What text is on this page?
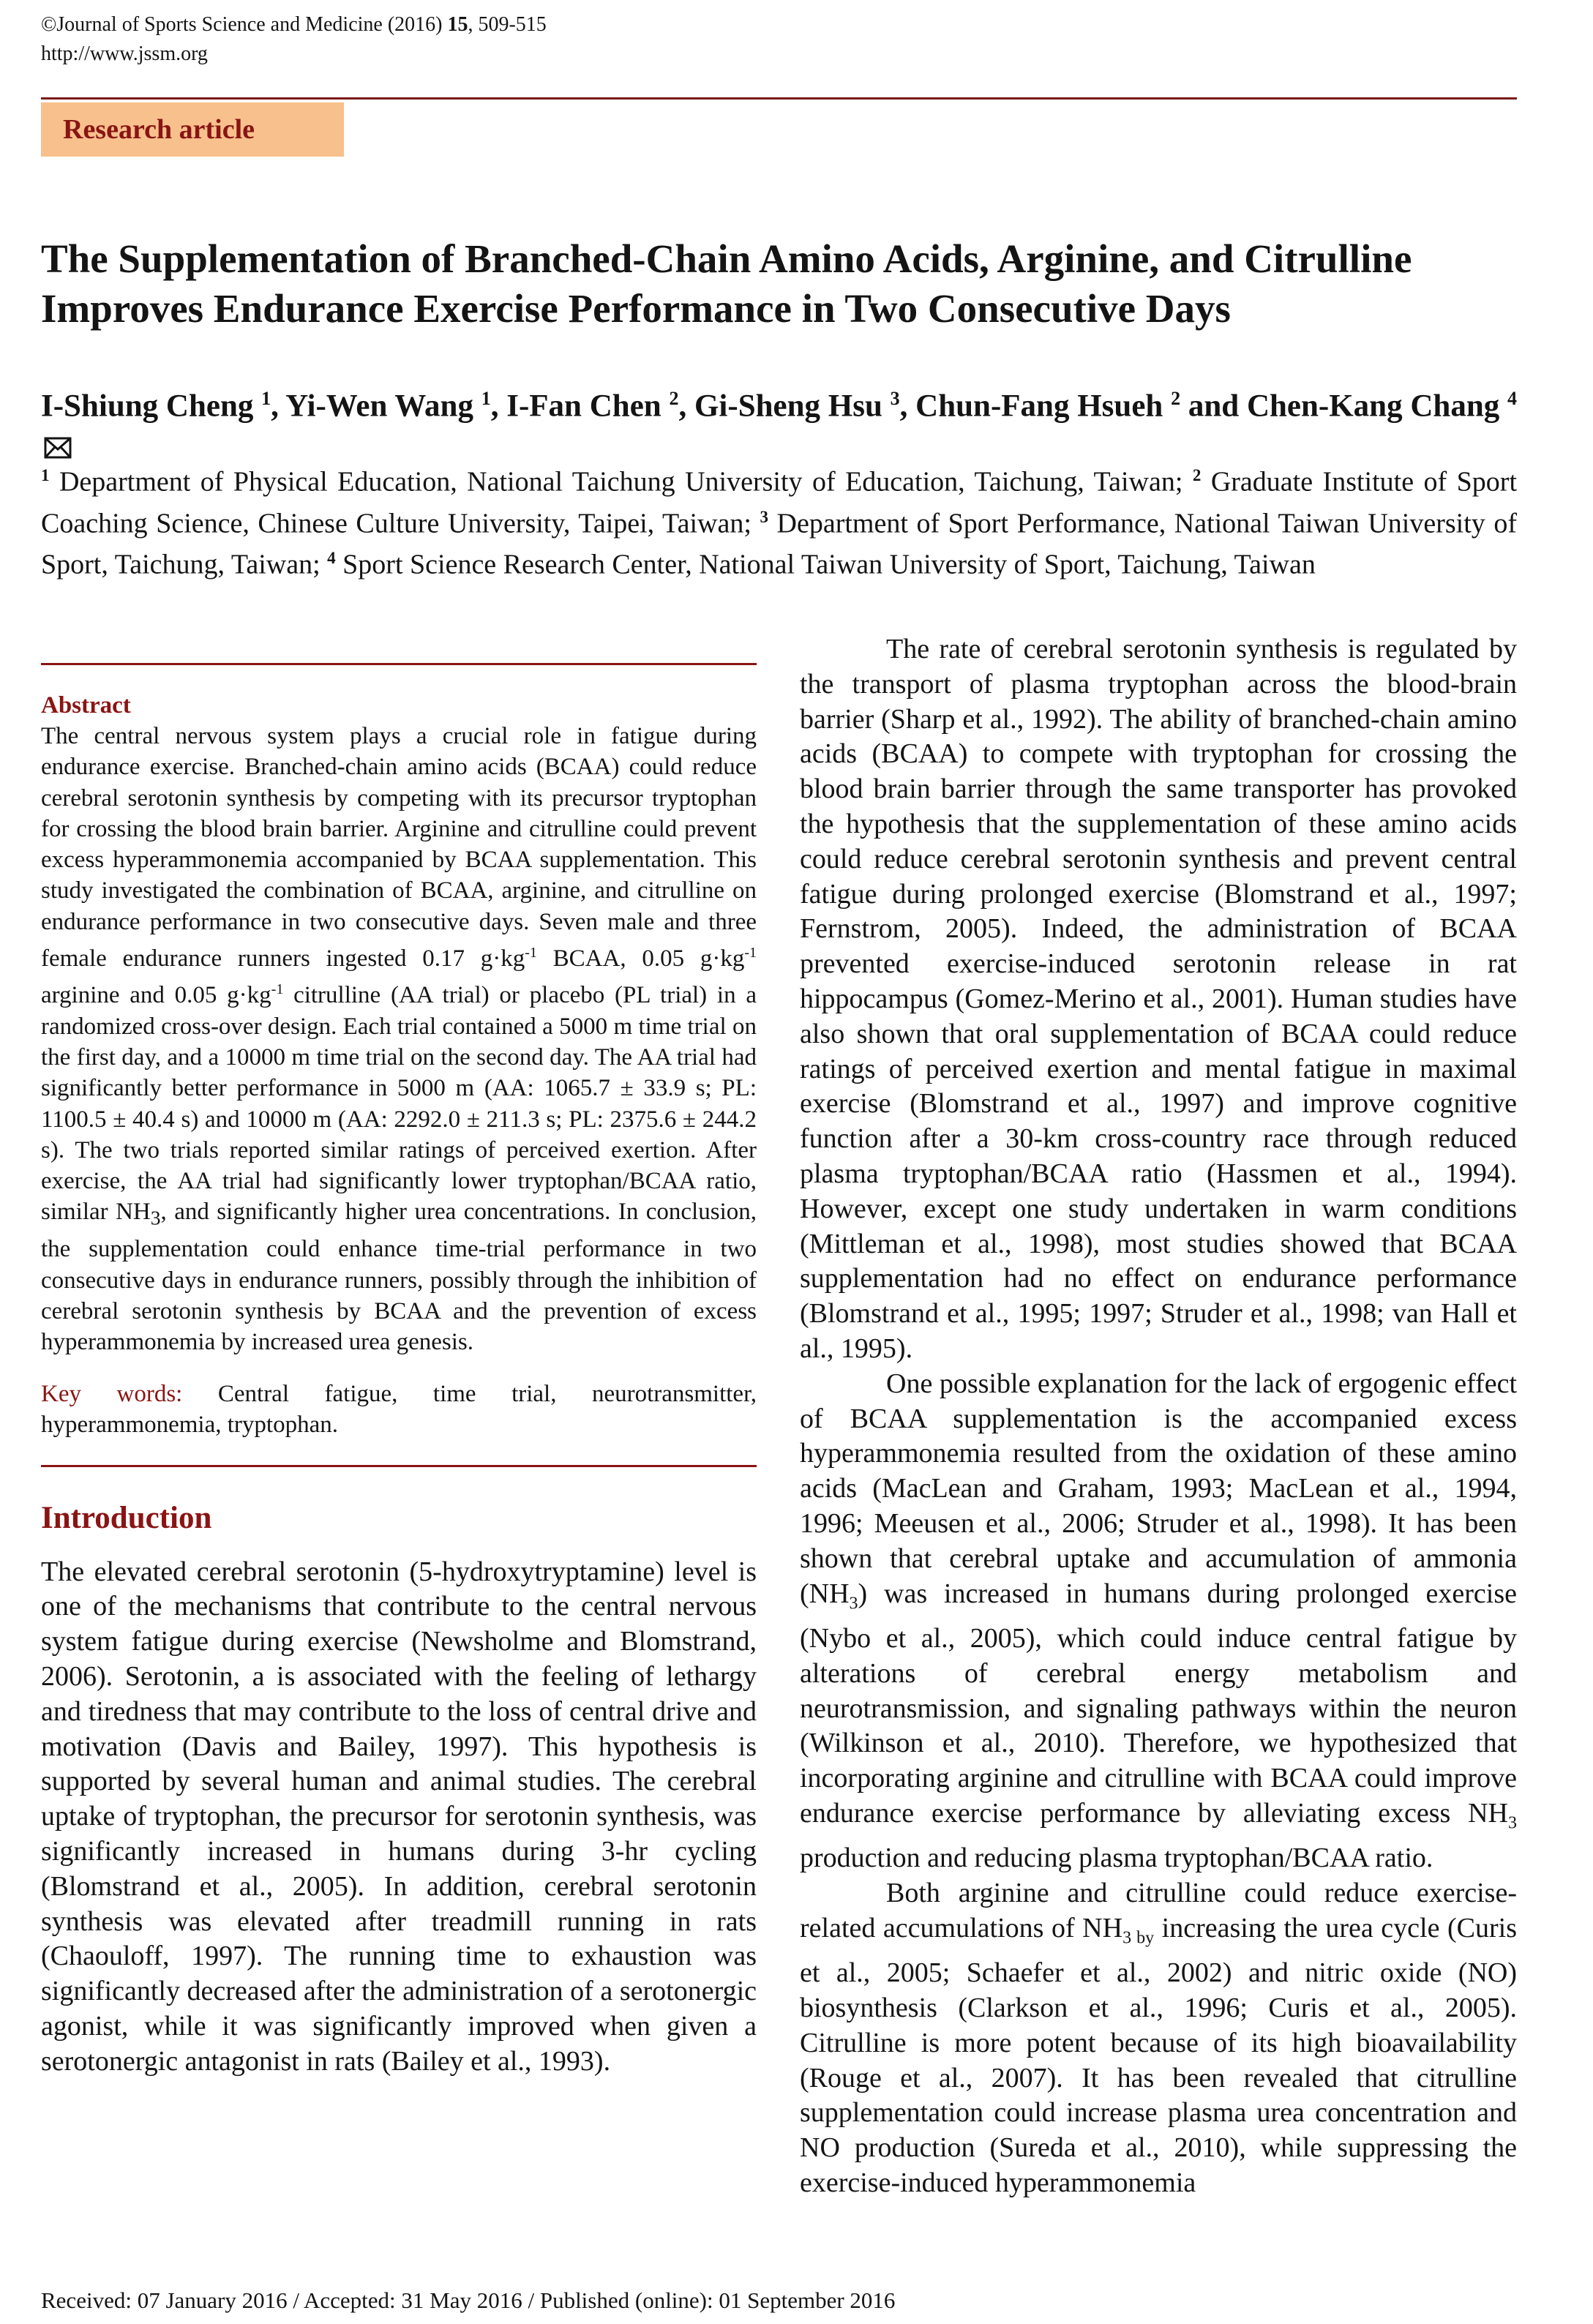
©Journal of Sports Science and Medicine (2016) 15, 509-515
http://www.jssm.org
Research article
The Supplementation of Branched-Chain Amino Acids, Arginine, and Citrulline
Improves Endurance Exercise Performance in Two Consecutive Days

I-Shiung Cheng $^1$, Yi-Wen Wang $^1$, I-Fan Chen $^2$, Gi-Sheng Hsu $^3$, Chun-Fang Hsueh $^2$ and Chen-Kang Chang $^4$

$^1$ Department of Physical Education, National Taichung University of Education, Taichung, Taiwan; $^2$ Graduate Institute of Sport Coaching Science, Chinese Culture University, Taipei, Taiwan; $^3$ Department of Sport Performance, National Taiwan University of Sport, Taichung, Taiwan; $^4$ Sport Science Research Center, National Taiwan University of Sport, Taichung, Taiwan

Abstract

The central nervous system plays a crucial role in fatigue during endurance exercise. Branched-chain amino acids (BCAA) could reduce cerebral serotonin synthesis by competing with its precursor tryptophan for crossing the blood brain barrier. Arginine and citrulline could prevent excess hyperammonemia accompanied by BCAA supplementation. This study investigated the combination of BCAA, arginine, and citrulline on endurance performance in two consecutive days. Seven male and three female endurance runners ingested 0.17 $g\cdot kg^{-1}$ BCAA, 0.05 $g\cdot kg^{-1}$ arginine and 0.05 $g\cdot kg^{-1}$ citrulline (AA trial) or placebo (PL trial) in a randomized cross-over design. Each trial contained a 5000 m time trial on the first day, and a 10000 m time trial on the second day. The AA trial had significantly better performance in 5000 m (AA: 1065.7 ± 33.9 s; PL: 1100.5 ± 40.4 s) and 10000 m (AA: 2292.0 ± 211.3 s; PL: 2375.6 ± 244.2 s). The two trials reported similar ratings of perceived exertion. After exercise, the AA trial had significantly lower tryptophan/BCAA ratio, similar $NH_3$, and significantly higher urea concentrations. In conclusion, the supplementation could enhance time-trial performance in two consecutive days in endurance runners, possibly through the inhibition of cerebral serotonin synthesis by BCAA and the prevention of excess hyperammonemia by increased urea genesis.

Key words: Central fatigue, time trial, neurotransmitter, hyperammonemia, tryptophan.

Introduction

The elevated cerebral serotonin (5-hydroxytryptamine) level is one of the mechanisms that contribute to the central nervous system fatigue during exercise (Newsholme and Blomstrand, 2006). Serotonin, a is associated with the feeling of lethargy and tiredness that may contribute to the loss of central drive and motivation (Davis and Bailey, 1997). This hypothesis is supported by several human and animal studies. The cerebral uptake of tryptophan, the precursor for serotonin synthesis, was significantly increased in humans during 3-hr cycling (Blomstrand et al., 2005). In addition, cerebral serotonin synthesis was elevated after treadmill running in rats (Chaouloff, 1997). The running time to exhaustion was significantly decreased after the administration of a serotonergic agonist, while it was significantly improved when given a serotonergic antagonist in rats (Bailey et al., 1993).

The rate of cerebral serotonin synthesis is regulated by the transport of plasma tryptophan across the blood-brain barrier (Sharp et al., 1992). The ability of branched-chain amino acids (BCAA) to compete with tryptophan for crossing the blood brain barrier through the same transporter has provoked the hypothesis that the supplementation of these amino acids could reduce cerebral serotonin synthesis and prevent central fatigue during prolonged exercise (Blomstrand et al., 1997; Fernstrom, 2005). Indeed, the administration of BCAA prevented exercise-induced serotonin release in rat hippocampus (Gomez-Merino et al., 2001). Human studies have also shown that oral supplementation of BCAA could reduce ratings of perceived exertion and mental fatigue in maximal exercise (Blomstrand et al., 1997) and improve cognitive function after a 30-km cross-country race through reduced plasma tryptophan/BCAA ratio (Hassmen et al., 1994). However, except one study undertaken in warm conditions (Mittleman et al., 1998), most studies showed that BCAA supplementation had no effect on endurance performance (Blomstrand et al., 1995; 1997; Struder et al., 1998; van Hall et al., 1995).

One possible explanation for the lack of ergogenic effect of BCAA supplementation is the accompanied excess hyperammonemia resulted from the oxidation of these amino acids (MacLean and Graham, 1993; MacLean et al., 1994, 1996; Meeusen et al., 2006; Struder et al., 1998). It has been shown that cerebral uptake and accumulation of ammonia $(NH_3)$ was increased in humans during prolonged exercise (Nybo et al., 2005), which could induce central fatigue by alterations of cerebral energy metabolism and neurotransmission, and signaling pathways within the neuron (Wilkinson et al., 2010). Therefore, we hypothesized that incorporating arginine and citrulline with BCAA could improve endurance exercise performance by alleviating excess $NH_3$ production and reducing plasma tryptophan/BCAA ratio.

Both arginine and citrulline could reduce exercise-related accumulations of $NH_{3 by}$ increasing the urea cycle (Curis et al., 2005; Schaefer et al., 2002) and nitric oxide (NO) biosynthesis (Clarkson et al., 1996; Curis et al., 2005). Citrulline is more potent because of its high bioavailability (Rouge et al., 2007). It has been revealed that citrulline supplementation could increase plasma urea concentration and NO production (Sureda et al., 2010), while suppressing the exercise-induced hyperammonemia

Received: 07 January 2016 / Accepted: 31 May 2016 / Published (online): 01 September 2016
